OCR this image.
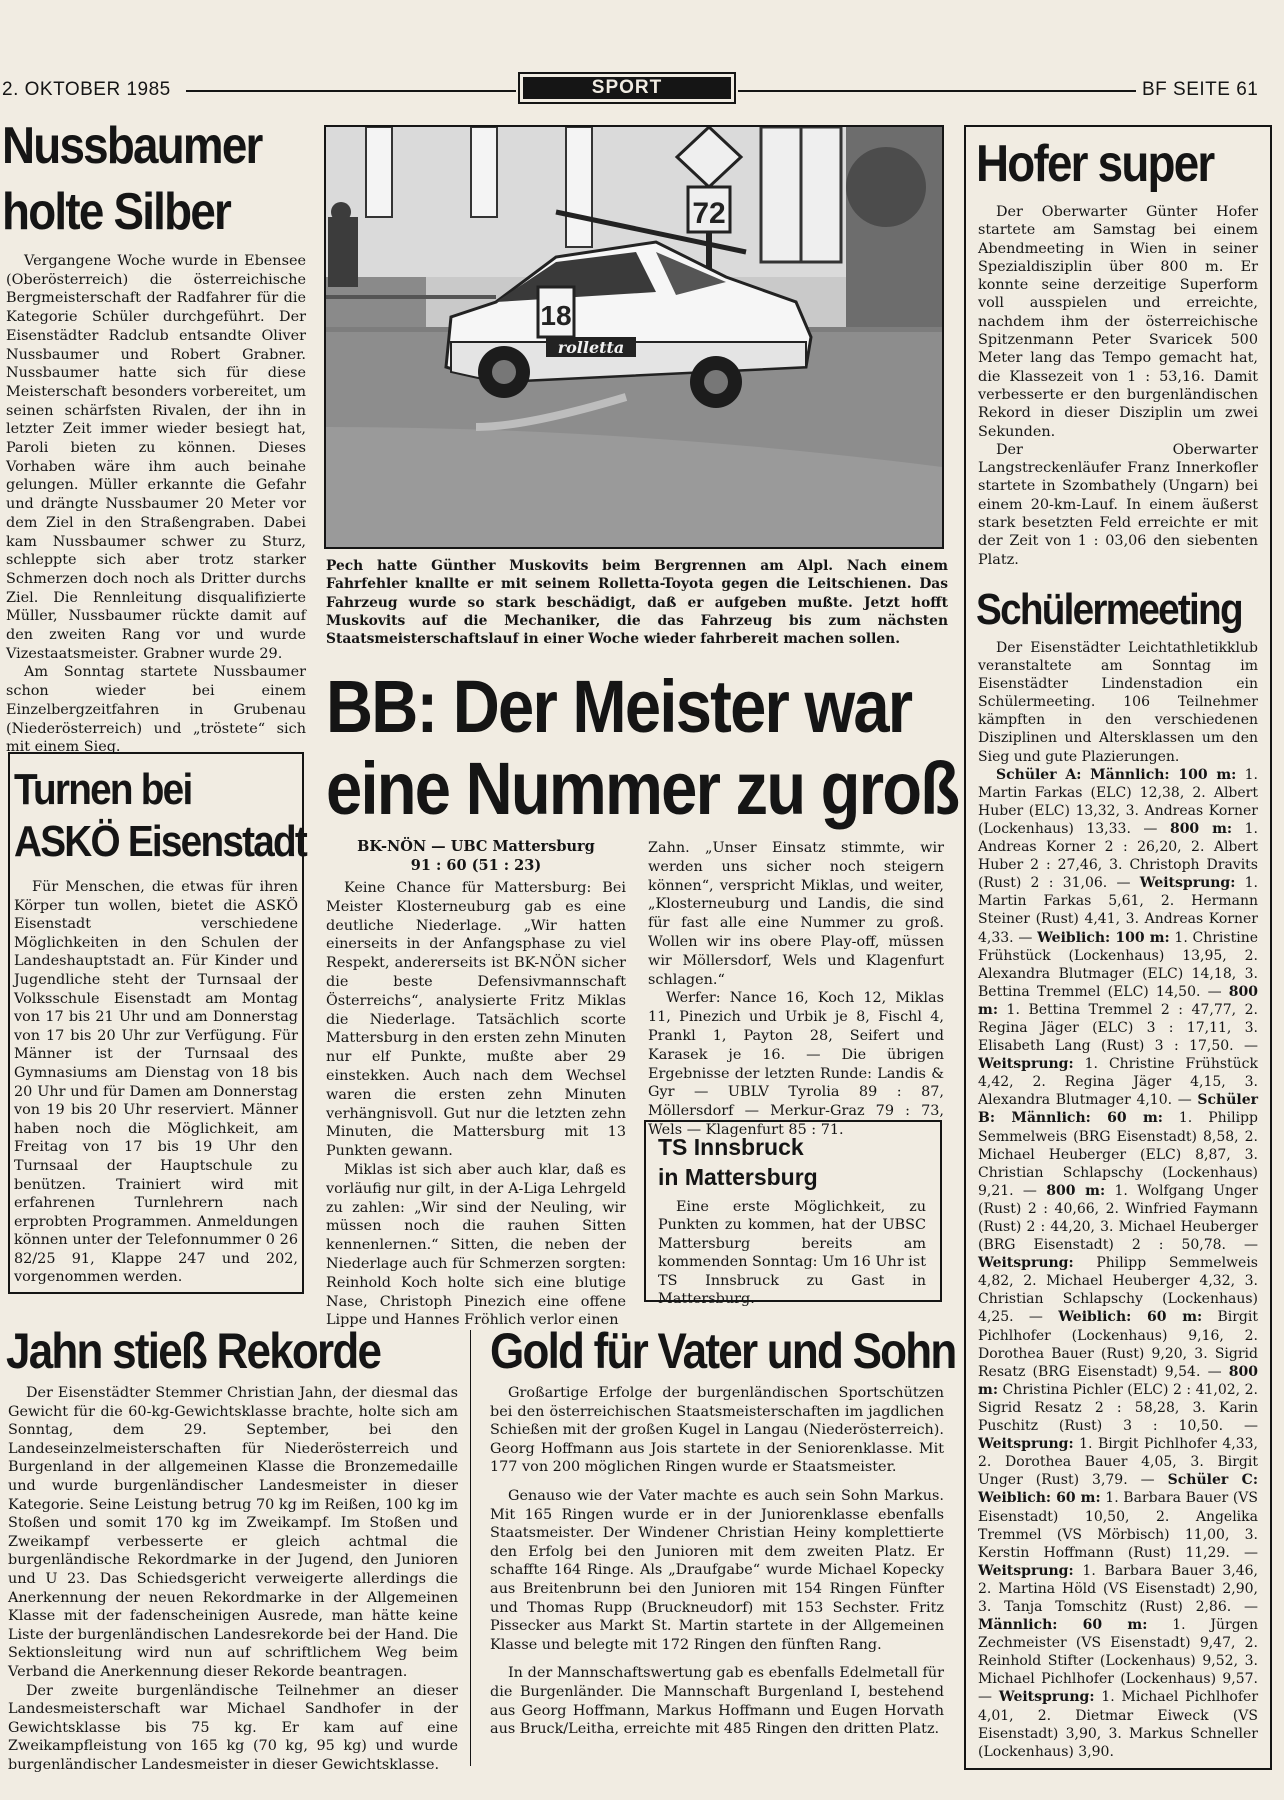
2. OKTOBER 1985	SPORT	BF SEITE 61
Nussbaumer
holte Silber

Vergangene Woche wurde in Ebensee (Oberösterreich) die österreichische Bergmeisterschaft der Radfahrer für die Kategorie Schüler durchgeführt. Der Eisenstädter Radclub entsandte Oliver Nussbaumer und Robert Grabner. Nussbaumer hatte sich für diese Meisterschaft besonders vorbereitet, um seinen schärfsten Rivalen, der ihn in letzter Zeit immer wieder besiegt hat, Paroli bieten zu können. Dieses Vorhaben wäre ihm auch beinahe gelungen. Müller erkannte die Gefahr und drängte Nussbaumer 20 Meter vor dem Ziel in den Straßengraben. Dabei kam Nussbaumer schwer zu Sturz, schleppte sich aber trotz starker Schmerzen doch noch als Dritter durchs Ziel. Die Rennleitung disqualifizierte Müller, Nussbaumer rückte damit auf den zweiten Rang vor und wurde Vizestaatsmeister. Grabner wurde 29.

Am Sonntag startete Nussbaumer schon wieder bei einem Einzelbergzeitfahren in Grubenau (Niederösterreich) und „tröstete“ sich mit einem Sieg.

Turnen bei
ASKÖ Eisenstadt

Für Menschen, die etwas für ihren Körper tun wollen, bietet die ASKÖ Eisenstadt verschiedene Möglichkeiten in den Schulen der Landeshauptstadt an. Für Kinder und Jugendliche steht der Turnsaal der Volksschule Eisenstadt am Montag von 17 bis 21 Uhr und am Donnerstag von 17 bis 20 Uhr zur Verfügung. Für Männer ist der Turnsaal des Gymnasiums am Dienstag von 18 bis 20 Uhr und für Damen am Donnerstag von 19 bis 20 Uhr reserviert. Männer haben noch die Möglichkeit, am Freitag von 17 bis 19 Uhr den Turnsaal der Hauptschule zu benützen. Trainiert wird mit erfahrenen Turnlehrern nach erprobten Programmen. Anmeldungen können unter der Telefonnummer 0 26 82/25 91, Klappe 247 und 202, vorgenommen werden.

72
18
rolletta
Pech hatte Günther Muskovits beim Bergrennen am Alpl. Nach einem Fahrfehler knallte er mit seinem Rolletta-Toyota gegen die Leitschienen. Das Fahrzeug wurde so stark beschädigt, daß er aufgeben mußte. Jetzt hofft Muskovits auf die Mechaniker, die das Fahrzeug bis zum nächsten Staatsmeisterschaftslauf in einer Woche wieder fahrbereit machen sollen.
BB: Der Meister war
eine Nummer zu groß
BK-NÖN — UBC Mattersburg
91 : 60 (51 : 23)

Keine Chance für Mattersburg: Bei Meister Klosterneuburg gab es eine deutliche Niederlage. „Wir hatten einerseits in der Anfangsphase zu viel Respekt, andererseits ist BK-NÖN sicher die beste Defensivmannschaft Österreichs“, analysierte Fritz Miklas die Niederlage. Tatsächlich scorte Mattersburg in den ersten zehn Minuten nur elf Punkte, mußte aber 29 einstekken. Auch nach dem Wechsel waren die ersten zehn Minuten verhängnisvoll. Gut nur die letzten zehn Minuten, die Mattersburg mit 13 Punkten gewann.

Miklas ist sich aber auch klar, daß es vorläufig nur gilt, in der A-Liga Lehrgeld zu zahlen: „Wir sind der Neuling, wir müssen noch die rauhen Sitten kennenlernen.“ Sitten, die neben der Niederlage auch für Schmerzen sorgten: Reinhold Koch holte sich eine blutige Nase, Christoph Pinezich eine offene Lippe und Hannes Fröhlich verlor einen

Zahn. „Unser Einsatz stimmte, wir werden uns sicher noch steigern können“, verspricht Miklas, und weiter, „Klosterneuburg und Landis, die sind für fast alle eine Nummer zu groß. Wollen wir ins obere Play-off, müssen wir Möllersdorf, Wels und Klagenfurt schlagen.“

Werfer: Nance 16, Koch 12, Miklas 11, Pinezich und Urbik je 8, Fischl 4, Prankl 1, Payton 28, Seifert und Karasek je 16. — Die übrigen Ergebnisse der letzten Runde: Landis & Gyr — UBLV Tyrolia 89 : 87, Möllersdorf — Merkur-Graz 79 : 73, Wels — Klagenfurt 85 : 71.

TS Innsbruck
in Mattersburg

Eine erste Möglichkeit, zu Punkten zu kommen, hat der UBSC Mattersburg bereits am kommenden Sonntag: Um 16 Uhr ist TS Innsbruck zu Gast in Mattersburg.

Jahn stieß Rekorde

Der Eisenstädter Stemmer Christian Jahn, der diesmal das Gewicht für die 60-kg-Gewichtsklasse brachte, holte sich am Sonntag, dem 29. September, bei den Landeseinzelmeisterschaften für Niederösterreich und Burgenland in der allgemeinen Klasse die Bronzemedaille und wurde burgenländischer Landesmeister in dieser Kategorie. Seine Leistung betrug 70 kg im Reißen, 100 kg im Stoßen und somit 170 kg im Zweikampf. Im Stoßen und Zweikampf verbesserte er gleich achtmal die burgenländische Rekordmarke in der Jugend, den Junioren und U 23. Das Schiedsgericht verweigerte allerdings die Anerkennung der neuen Rekordmarke in der Allgemeinen Klasse mit der fadenscheinigen Ausrede, man hätte keine Liste der burgenländischen Landesrekorde bei der Hand. Die Sektionsleitung wird nun auf schriftlichem Weg beim Verband die Anerkennung dieser Rekorde beantragen.

Der zweite burgenländische Teilnehmer an dieser Landesmeisterschaft war Michael Sandhofer in der Gewichtsklasse bis 75 kg. Er kam auf eine Zweikampfleistung von 165 kg (70 kg, 95 kg) und wurde burgenländischer Landesmeister in dieser Gewichtsklasse.

Gold für Vater und Sohn

Großartige Erfolge der burgenländischen Sportschützen bei den österreichischen Staatsmeisterschaften im jagdlichen Schießen mit der großen Kugel in Langau (Niederösterreich). Georg Hoffmann aus Jois startete in der Seniorenklasse. Mit 177 von 200 möglichen Ringen wurde er Staatsmeister.

Genauso wie der Vater machte es auch sein Sohn Markus. Mit 165 Ringen wurde er in der Juniorenklasse ebenfalls Staatsmeister. Der Windener Christian Heiny komplettierte den Erfolg bei den Junioren mit dem zweiten Platz. Er schaffte 164 Ringe. Als „Draufgabe“ wurde Michael Kopecky aus Breitenbrunn bei den Junioren mit 154 Ringen Fünfter und Thomas Rupp (Bruckneudorf) mit 153 Sechster. Fritz Pissecker aus Markt St. Martin startete in der Allgemeinen Klasse und belegte mit 172 Ringen den fünften Rang.

In der Mannschaftswertung gab es ebenfalls Edelmetall für die Burgenländer. Die Mannschaft Burgenland I, bestehend aus Georg Hoffmann, Markus Hoffmann und Eugen Horvath aus Bruck/Leitha, erreichte mit 485 Ringen den dritten Platz.

Hofer super

Der Oberwarter Günter Hofer startete am Samstag bei einem Abendmeeting in Wien in seiner Spezialdisziplin über 800 m. Er konnte seine derzeitige Superform voll ausspielen und erreichte, nachdem ihm der österreichische Spitzenmann Peter Svaricek 500 Meter lang das Tempo gemacht hat, die Klassezeit von 1 : 53,16. Damit verbesserte er den burgenländischen Rekord in dieser Disziplin um zwei Sekunden.

Der Oberwarter Langstreckenläufer Franz Innerkofler startete in Szombathely (Ungarn) bei einem 20-km-Lauf. In einem äußerst stark besetzten Feld erreichte er mit der Zeit von 1 : 03,06 den siebenten Platz.

Schülermeeting

Der Eisenstädter Leichtathletikklub veranstaltete am Sonntag im Eisenstädter Lindenstadion ein Schülermeeting. 106 Teilnehmer kämpften in den verschiedenen Disziplinen und Altersklassen um den Sieg und gute Plazierungen.

Schüler A: Männlich: 100 m: 1. Martin Farkas (ELC) 12,38, 2. Albert Huber (ELC) 13,32, 3. Andreas Korner (Lockenhaus) 13,33. — 800 m: 1. Andreas Korner 2 : 26,20, 2. Albert Huber 2 : 27,46, 3. Christoph Dravits (Rust) 2 : 31,06. — Weitsprung: 1. Martin Farkas 5,61, 2. Hermann Steiner (Rust) 4,41, 3. Andreas Korner 4,33. — Weiblich: 100 m: 1. Christine Frühstück (Lockenhaus) 13,95, 2. Alexandra Blutmager (ELC) 14,18, 3. Bettina Tremmel (ELC) 14,50. — 800 m: 1. Bettina Tremmel 2 : 47,77, 2. Regina Jäger (ELC) 3 : 17,11, 3. Elisabeth Lang (Rust) 3 : 17,50. — Weitsprung: 1. Christine Frühstück 4,42, 2. Regina Jäger 4,15, 3. Alexandra Blutmager 4,10. — Schüler B: Männlich: 60 m: 1. Philipp Semmelweis (BRG Eisenstadt) 8,58, 2. Michael Heuberger (ELC) 8,87, 3. Christian Schlapschy (Lockenhaus) 9,21. — 800 m: 1. Wolfgang Unger (Rust) 2 : 40,66, 2. Winfried Faymann (Rust) 2 : 44,20, 3. Michael Heuberger (BRG Eisenstadt) 2 : 50,78. — Weitsprung: Philipp Semmelweis 4,82, 2. Michael Heuberger 4,32, 3. Christian Schlapschy (Lockenhaus) 4,25. — Weiblich: 60 m: Birgit Pichlhofer (Lockenhaus) 9,16, 2. Dorothea Bauer (Rust) 9,20, 3. Sigrid Resatz (BRG Eisenstadt) 9,54. — 800 m: Christina Pichler (ELC) 2 : 41,02, 2. Sigrid Resatz 2 : 58,28, 3. Karin Puschitz (Rust) 3 : 10,50. — Weitsprung: 1. Birgit Pichlhofer 4,33, 2. Dorothea Bauer 4,05, 3. Birgit Unger (Rust) 3,79. — Schüler C: Weiblich: 60 m: 1. Barbara Bauer (VS Eisenstadt) 10,50, 2. Angelika Tremmel (VS Mörbisch) 11,00, 3. Kerstin Hoffmann (Rust) 11,29. — Weitsprung: 1. Barbara Bauer 3,46, 2. Martina Höld (VS Eisenstadt) 2,90, 3. Tanja Tomschitz (Rust) 2,86. — Männlich: 60 m: 1. Jürgen Zechmeister (VS Eisenstadt) 9,47, 2. Reinhold Stifter (Lockenhaus) 9,52, 3. Michael Pichlhofer (Lockenhaus) 9,57. — Weitsprung: 1. Michael Pichlhofer 4,01, 2. Dietmar Eiweck (VS Eisenstadt) 3,90, 3. Markus Schneller (Lockenhaus) 3,90.
